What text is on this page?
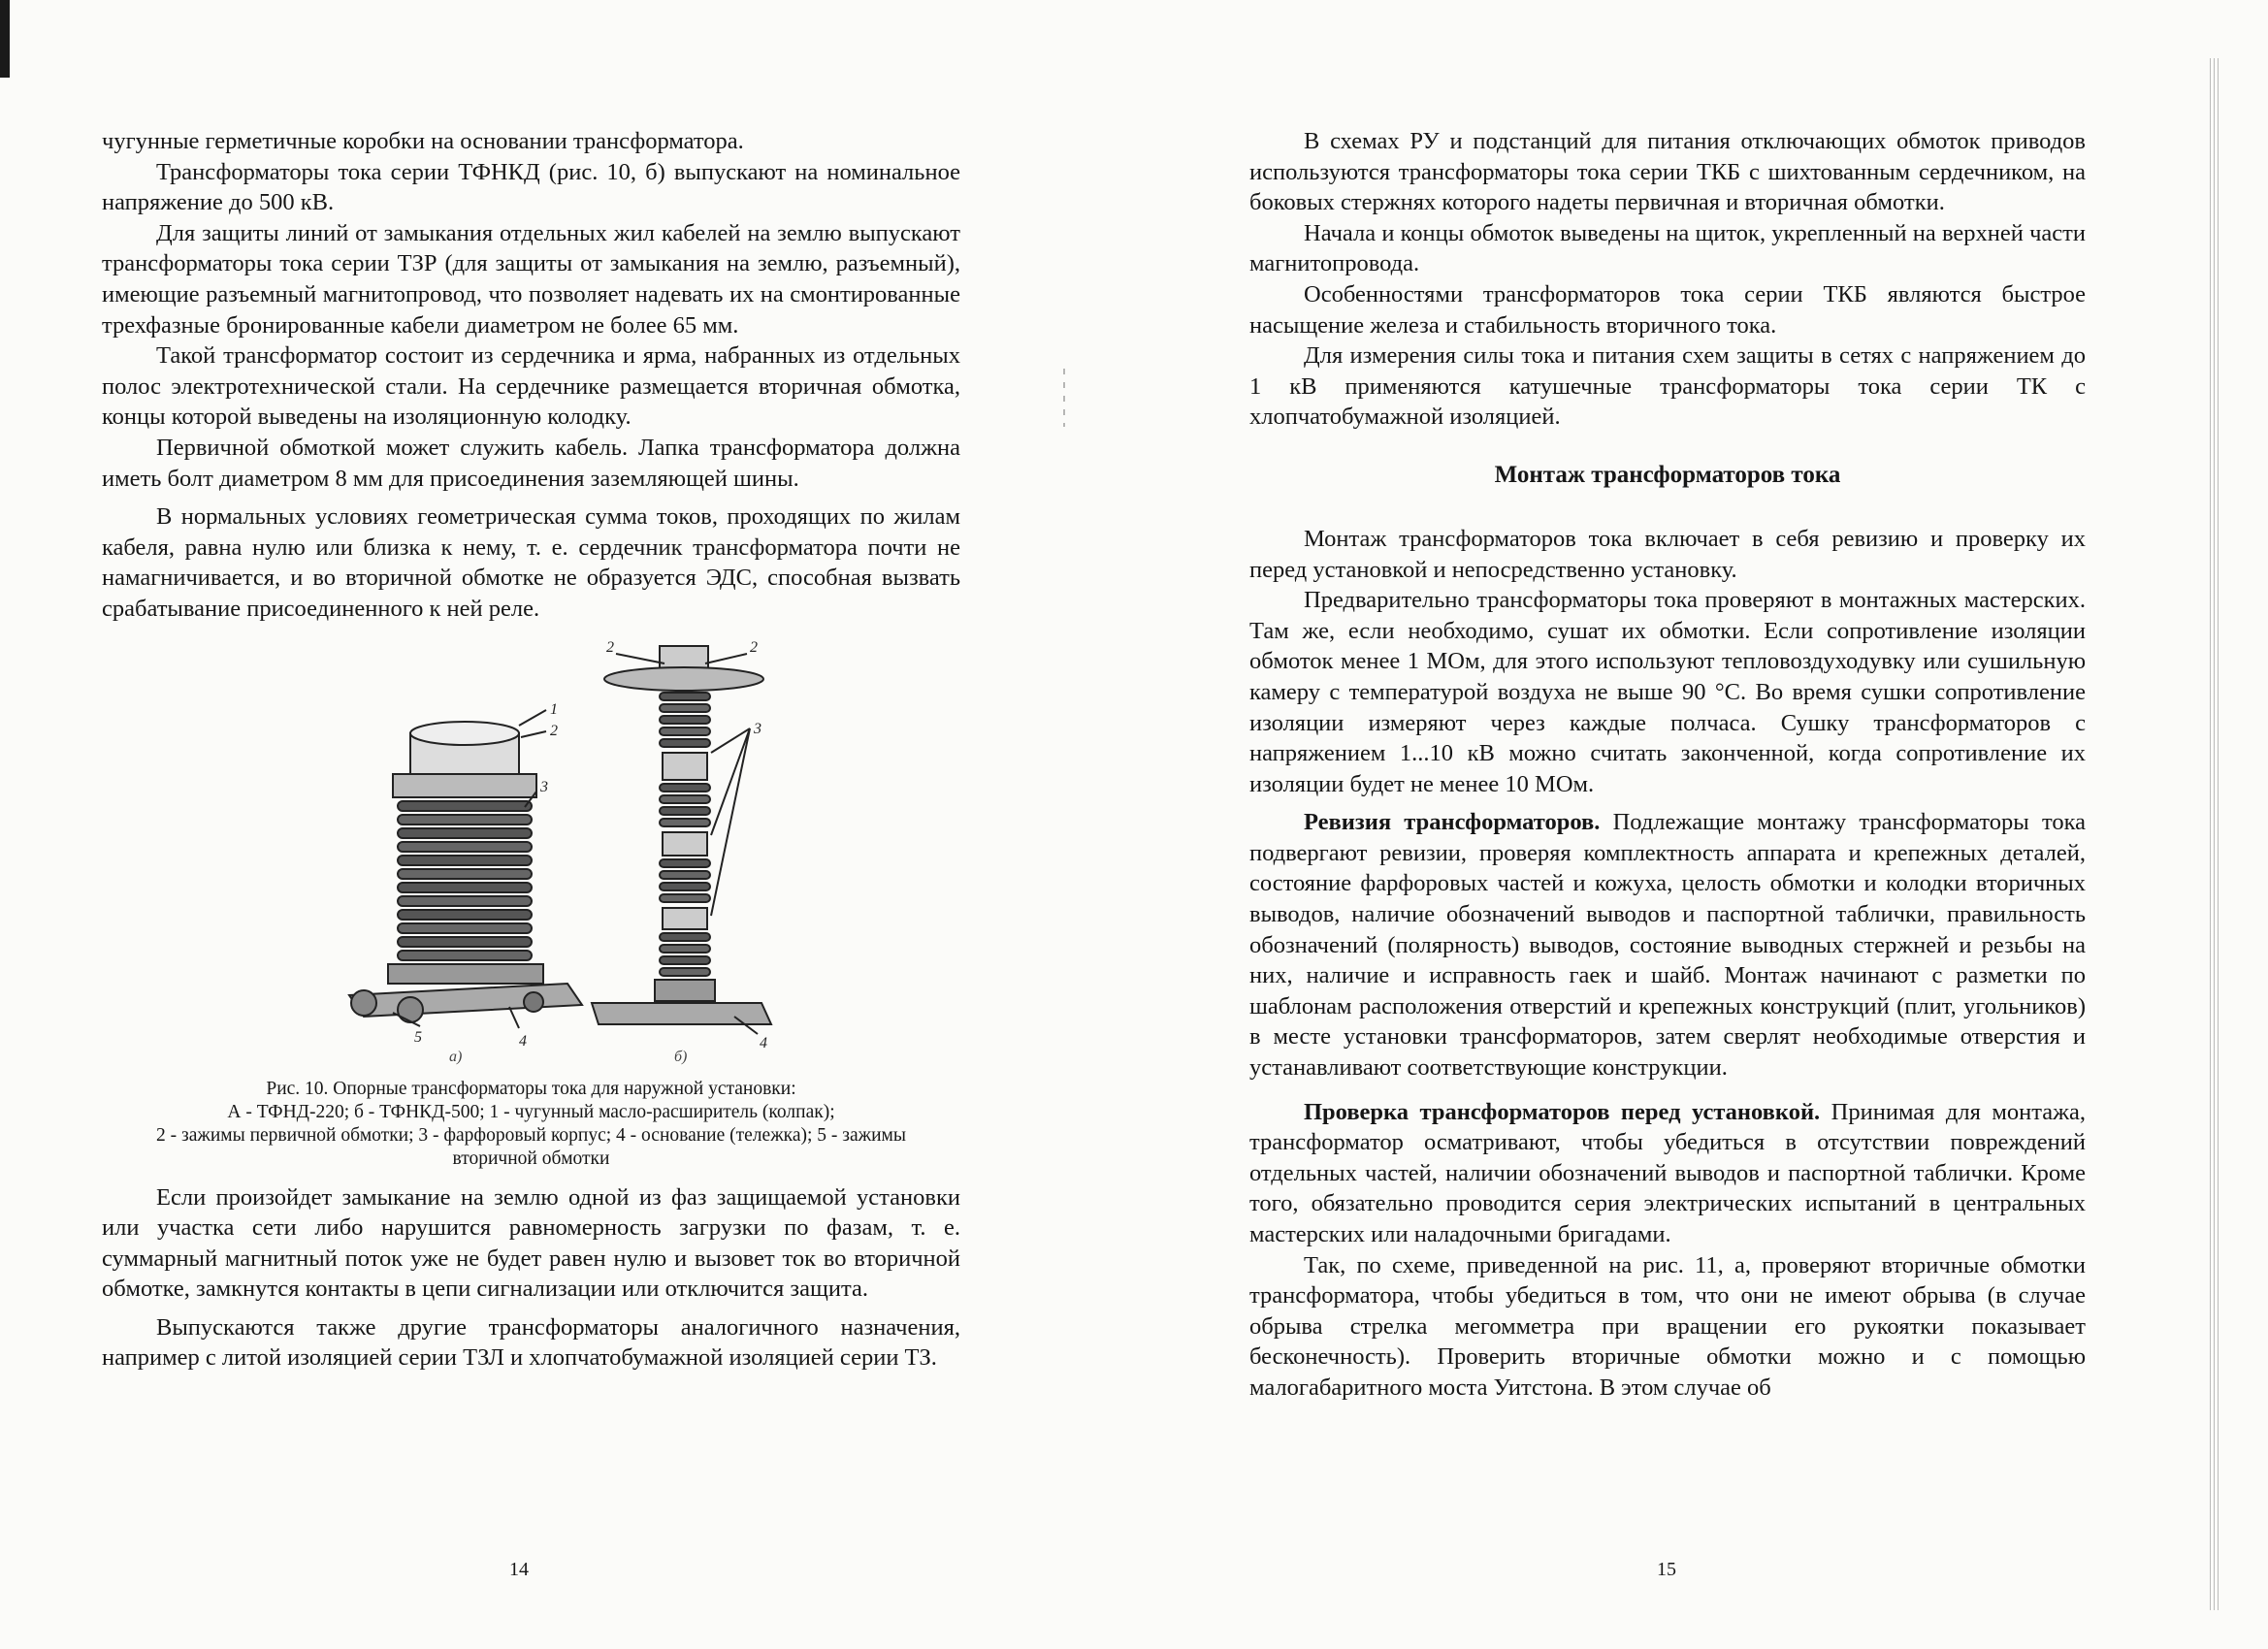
чугунные герметичные коробки на основании трансформатора.

Трансформаторы тока серии ТФНКД (рис. 10, б) выпускают на номинальное напряжение до 500 кВ.

Для защиты линий от замыкания отдельных жил кабелей на землю выпускают трансформаторы тока серии ТЗР (для защиты от замыкания на землю, разъемный), имеющие разъемный магнитопровод, что позволяет надевать их на смонтированные трехфазные бронированные кабели диаметром не более 65 мм.

Такой трансформатор состоит из сердечника и ярма, набранных из отдельных полос электротехнической стали. На сердечнике размещается вторичная обмотка, концы которой выведены на изоляционную колодку.

Первичной обмоткой может служить кабель. Лапка трансформатора должна иметь болт диаметром 8 мм для присоединения заземляющей шины.

В нормальных условиях геометрическая сумма токов, проходящих по жилам кабеля, равна нулю или близка к нему, т. е. сердечник трансформатора почти не намагничивается, и во вторичной обмотке не образуется ЭДС, способная вызвать срабатывание присоединенного к ней реле.

1
2
3
4
5
2	2
3
4
а)	б)
Рис. 10. Опорные трансформаторы тока для наружной установки:
А - ТФНД-220; б - ТФНКД-500; 1 - чугунный масло-расширитель (колпак);
2 - зажимы первичной обмотки; 3 - фарфоровый корпус; 4 - основание (тележка); 5 - зажимы
вторичной обмотки

Если произойдет замыкание на землю одной из фаз защищаемой установки или участка сети либо нарушится равномерность загрузки по фазам, т. е. суммарный магнитный поток уже не будет равен нулю и вызовет ток во вторичной обмотке, замкнутся контакты в цепи сигнализации или отключится защита.

Выпускаются также другие трансформаторы аналогичного назначения, например с литой изоляцией серии ТЗЛ и хлопчатобумажной изоляцией серии ТЗ.

14

В схемах РУ и подстанций для питания отключающих обмоток приводов используются трансформаторы тока серии ТКБ с шихтованным сердечником, на боковых стержнях которого надеты первичная и вторичная обмотки.

Начала и концы обмоток выведены на щиток, укрепленный на верхней части магнитопровода.

Особенностями трансформаторов тока серии ТКБ являются быстрое насыщение железа и стабильность вторичного тока.

Для измерения силы тока и питания схем защиты в сетях с напряжением до 1 кВ применяются катушечные трансформаторы тока серии ТК с хлопчатобумажной изоляцией.

Монтаж трансформаторов тока

Монтаж трансформаторов тока включает в себя ревизию и проверку их перед установкой и непосредственно установку.

Предварительно трансформаторы тока проверяют в монтажных мастерских. Там же, если необходимо, сушат их обмотки. Если сопротивление изоляции обмоток менее 1 МОм, для этого используют тепловоздуходувку или сушильную камеру с температурой воздуха не выше 90 °С. Во время сушки сопротивление изоляции измеряют через каждые полчаса. Сушку трансформаторов с напряжением 1...10 кВ можно считать законченной, когда сопротивление их изоляции будет не менее 10 МОм.

Ревизия трансформаторов. Подлежащие монтажу трансформаторы тока подвергают ревизии, проверяя комплектность аппарата и крепежных деталей, состояние фарфоровых частей и кожуха, целость обмотки и колодки вторичных выводов, наличие обозначений выводов и паспортной таблички, правильность обозначений (полярность) выводов, состояние выводных стержней и резьбы на них, наличие и исправность гаек и шайб. Монтаж начинают с разметки по шаблонам расположения отверстий и крепежных конструкций (плит, угольников) в месте установки трансформаторов, затем сверлят необходимые отверстия и устанавливают соответствующие конструкции.

Проверка трансформаторов перед установкой. Принимая для монтажа, трансформатор осматривают, чтобы убедиться в отсутствии повреждений отдельных частей, наличии обозначений выводов и паспортной таблички. Кроме того, обязательно проводится серия электрических испытаний в центральных мастерских или наладочными бригадами.

Так, по схеме, приведенной на рис. 11, а, проверяют вторичные обмотки трансформатора, чтобы убедиться в том, что они не имеют обрыва (в случае обрыва стрелка мегомметра при вращении его рукоятки показывает бесконечность). Проверить вторичные обмотки можно и с помощью малогабаритного моста Уитстона. В этом случае об

15
